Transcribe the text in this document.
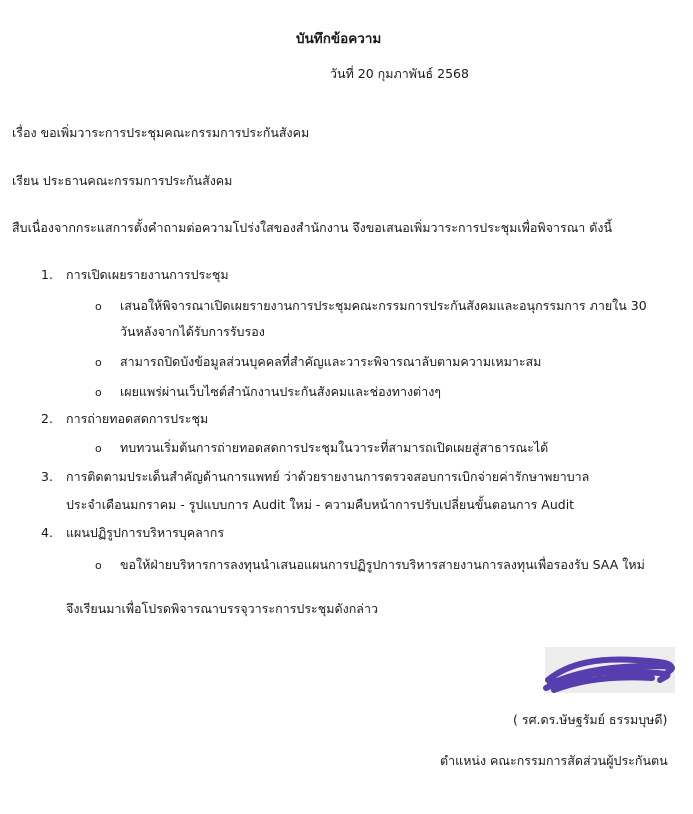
บันทึกข้อความ
วันที่ 20 กุมภาพันธ์ 2568
เรื่อง ขอเพิ่มวาระการประชุมคณะกรรมการประกันสังคม
เรียน ประธานคณะกรรมการประกันสังคม
สืบเนื่องจากกระแสการตั้งคำถามต่อความโปร่งใสของสำนักงาน จึงขอเสนอเพิ่มวาระการประชุมเพื่อพิจารณา ดังนี้
1. การเปิดเผยรายงานการประชุม
o เสนอให้พิจารณาเปิดเผยรายงานการประชุมคณะกรรมการประกันสังคมและอนุกรรมการ ภายใน 30
วันหลังจากได้รับการรับรอง
o สามารถปิดบังข้อมูลส่วนบุคคลที่สำคัญและวาระพิจารณาลับตามความเหมาะสม
o เผยแพร่ผ่านเว็บไซต์สำนักงานประกันสังคมและช่องทางต่างๆ
2. การถ่ายทอดสดการประชุม
o ทบทวนเริ่มต้นการถ่ายทอดสดการประชุมในวาระที่สามารถเปิดเผยสู่สาธารณะได้
3. การติดตามประเด็นสำคัญด้านการแพทย์ ว่าด้วยรายงานการตรวจสอบการเบิกจ่ายค่ารักษาพยาบาล
ประจำเดือนมกราคม - รูปแบบการ Audit ใหม่ - ความคืบหน้าการปรับเปลี่ยนขั้นตอนการ Audit
4. แผนปฏิรูปการบริหารบุคลากร
o ขอให้ฝ่ายบริหารการลงทุนนำเสนอแผนการปฏิรูปการบริหารสายงานการลงทุนเพื่อรองรับ SAA ใหม่
จึงเรียนมาเพื่อโปรดพิจารณาบรรจุวาระการประชุมดังกล่าว
( รศ.ดร.ษัษฐรัมย์ ธรรมบุษดี)
ตำแหน่ง คณะกรรมการสัดส่วนผู้ประกันตน
